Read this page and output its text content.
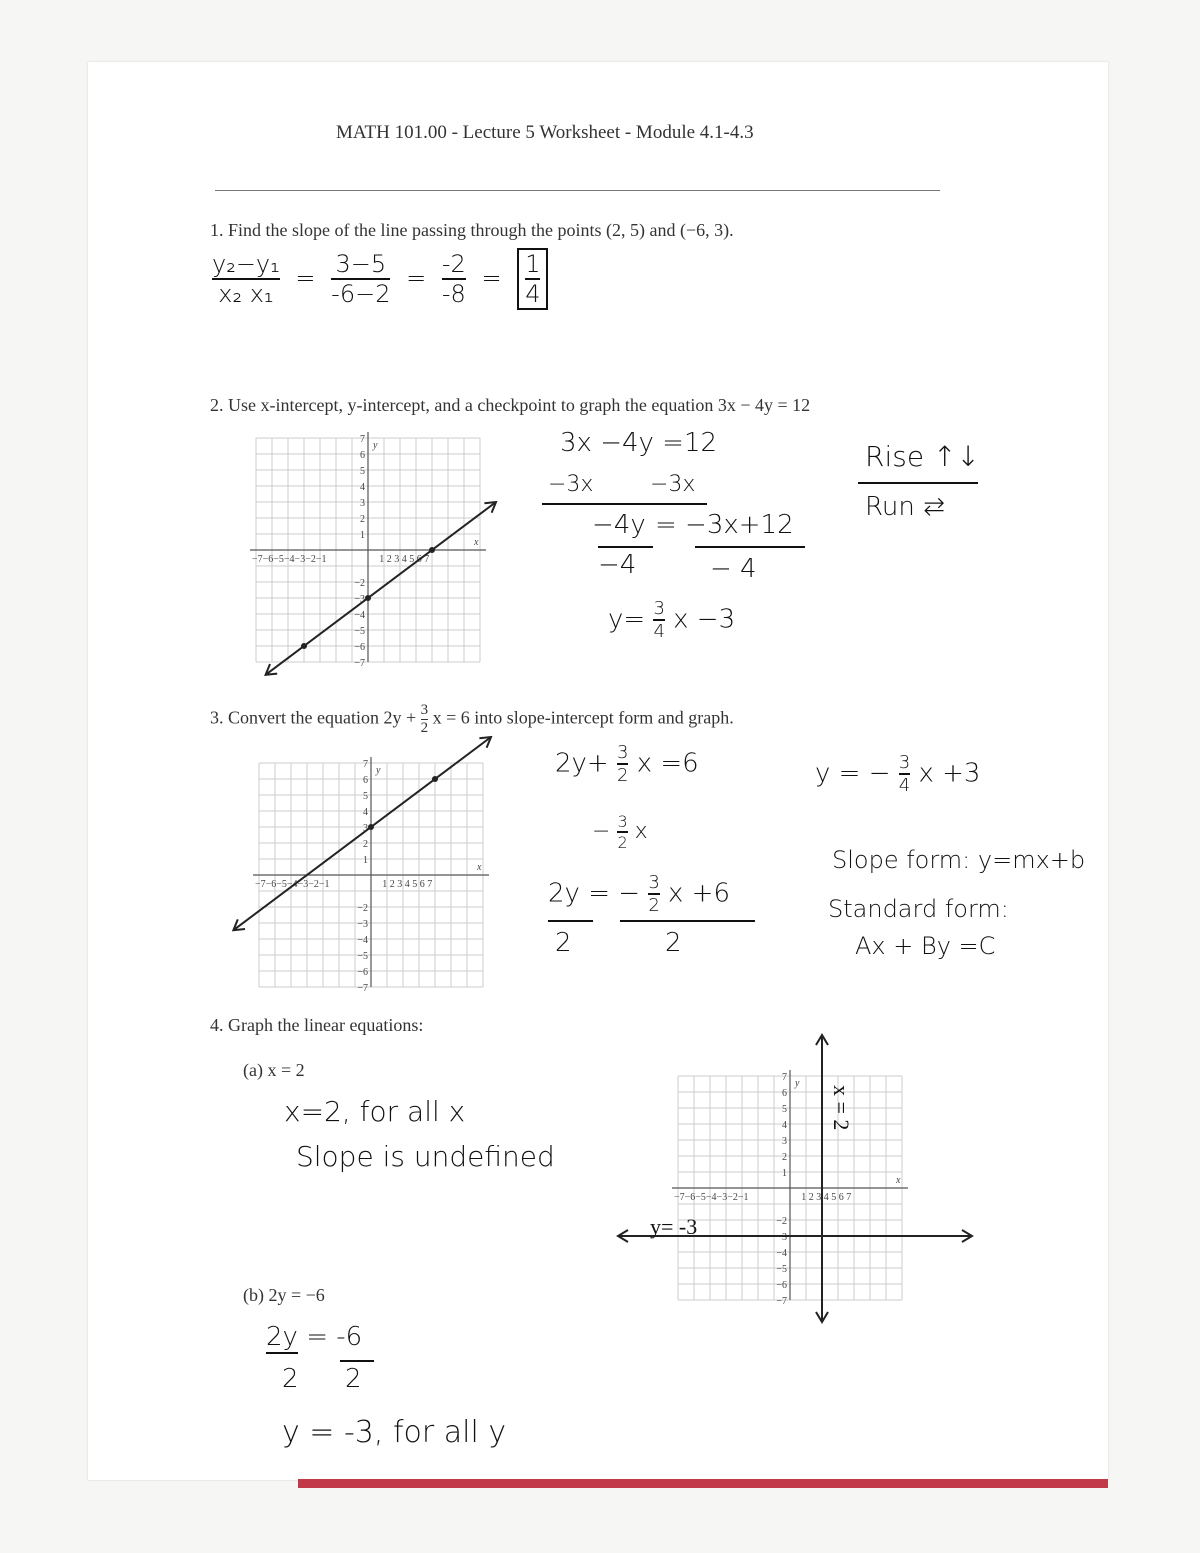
MATH 101.00 - Lecture 5 Worksheet - Module 4.1-4.3
1. Find the slope of the line passing through the points (2, 5) and (−6, 3).
$\frac{\text{y₂−y₁}}{\text{x₂ x₁}} = \frac{3-5}{-6-2} = \frac{-2}{-8} = \frac{1}{4}$
2. Use x-intercept, y-intercept, and a checkpoint to graph the equation 3x − 4y = 12
−7−6−5−4−3−2−1	1 2 3 4 5 6 7
x
y
7
6
5
4
3
2
1
−2
−3
−4
−5
−6
−7
3x −4y =12
−3x	−3x
−4y = −3x+12
−4	− 4
$y= \frac{3}{4}$ x −3
Rise ↑↓
Run ⇆
3. Convert the equation $2y + \frac{3}{2}$ x = 6 into slope-intercept form and graph.
−7−6−5−4−3−2−1	1 2 3 4 5 6 7
x
y
7
6
5
4
3
2
1
−2
−3
−4
−5
−6
−7
$2y+ \frac{3}{2}$ x =6
− $\frac{3}{2}$ x
2y = − $\frac{3}{2}$ x +6
2	2
y = − $\frac{3}{4}$ x +3
Slope form: y=mx+b
Standard form:
Ax + By =C
4. Graph the linear equations:
(a) x = 2
x=2, for all x
Slope is undefined
(b) 2y = −6
2y = -6
2 2
y = -3, for all y
−7−6−5−4−3−2−1	1 2 3 4 5 6 7
x
y
7
6
5
4
3
2
1
−2
−3
−4
−5
−6
−7
x = 2
y= -3
